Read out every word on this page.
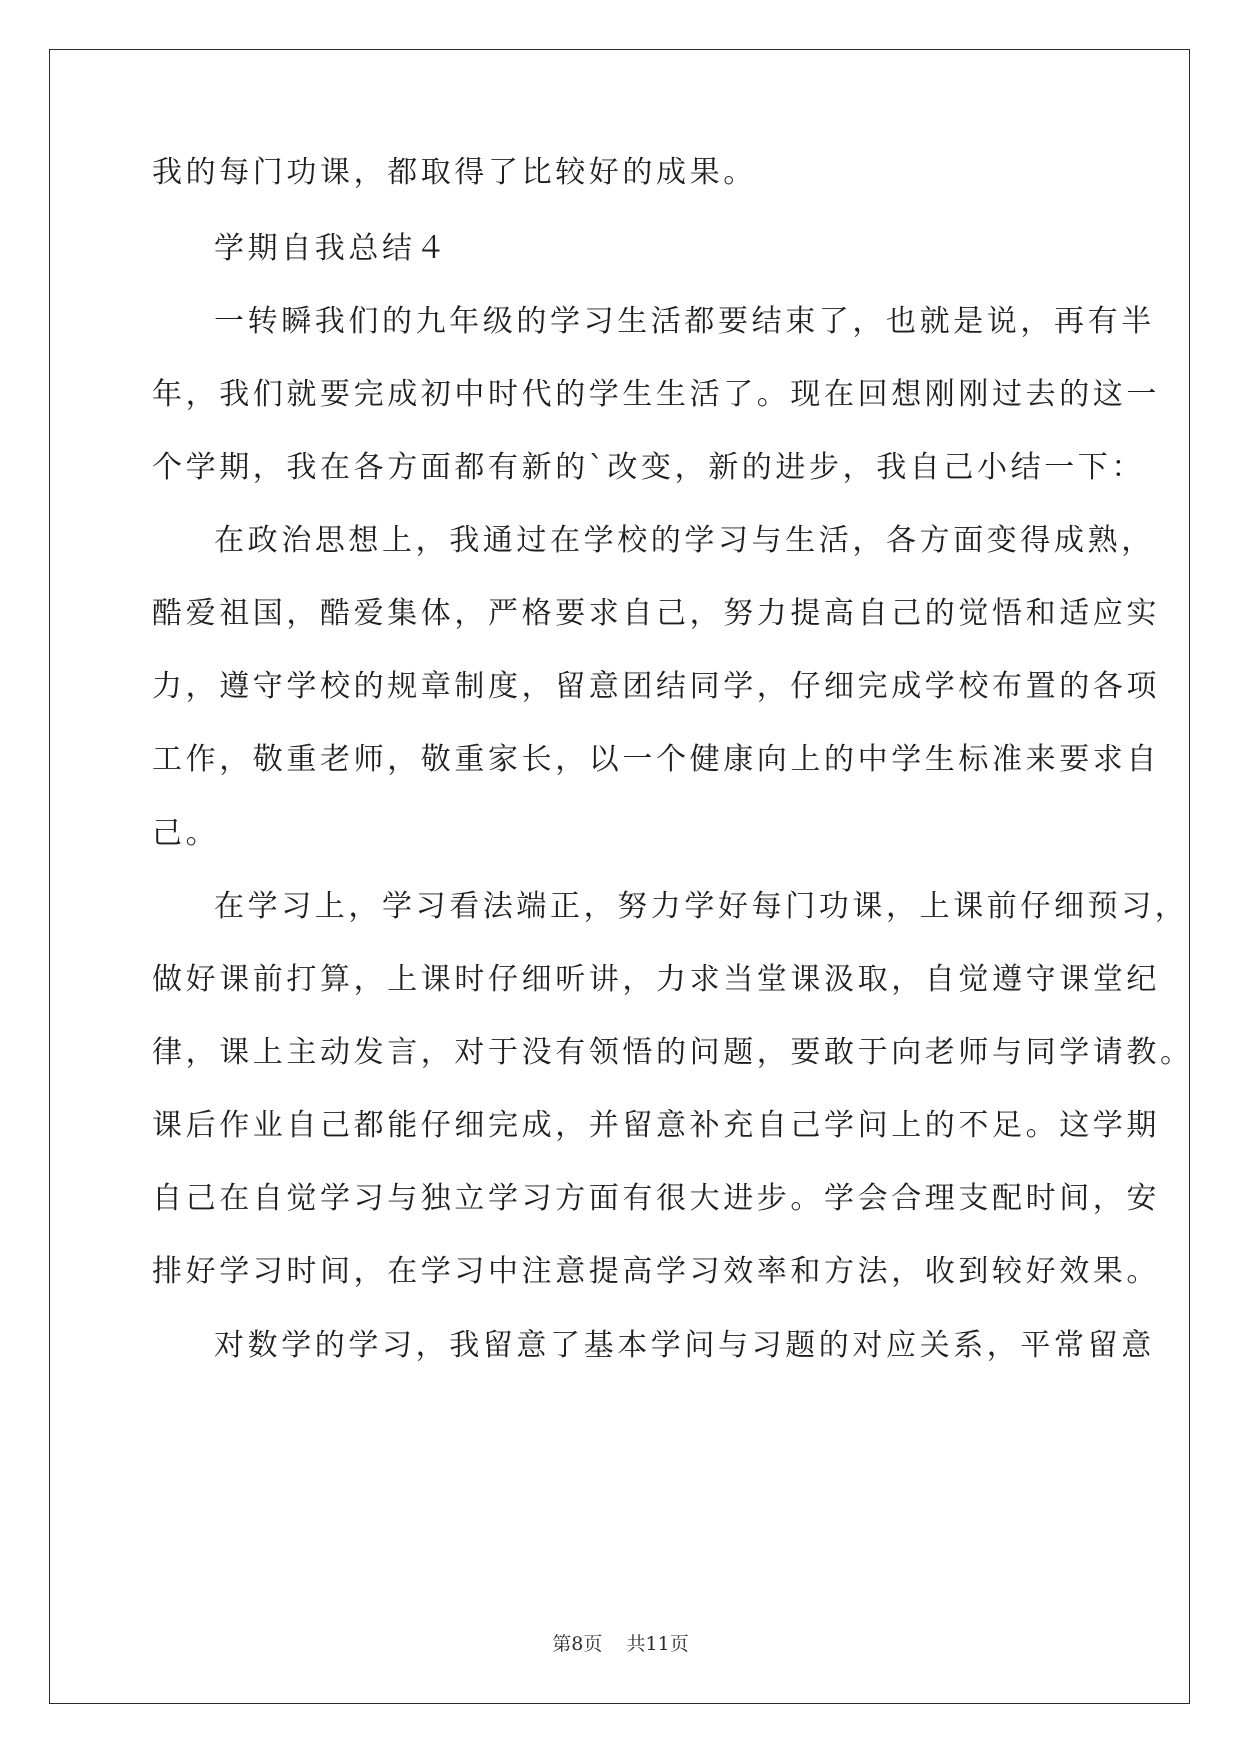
我的每门功课，都取得了比较好的成果。
学期自我总结４
一转瞬我们的九年级的学习生活都要结束了，也就是说，再有半
年，我们就要完成初中时代的学生生活了。现在回想刚刚过去的这一
个学期，我在各方面都有新的`改变，新的进步，我自己小结一下：
在政治思想上，我通过在学校的学习与生活，各方面变得成熟，
酷爱祖国，酷爱集体，严格要求自己，努力提高自己的觉悟和适应实
力，遵守学校的规章制度，留意团结同学，仔细完成学校布置的各项
工作，敬重老师，敬重家长，以一个健康向上的中学生标准来要求自
己。
在学习上，学习看法端正，努力学好每门功课，上课前仔细预习，
做好课前打算，上课时仔细听讲，力求当堂课汲取，自觉遵守课堂纪
律，课上主动发言，对于没有领悟的问题，要敢于向老师与同学请教。
课后作业自己都能仔细完成，并留意补充自己学问上的不足。这学期
自己在自觉学习与独立学习方面有很大进步。学会合理支配时间，安
排好学习时间，在学习中注意提高学习效率和方法，收到较好效果。
对数学的学习，我留意了基本学问与习题的对应关系，平常留意
第8页 共11页
